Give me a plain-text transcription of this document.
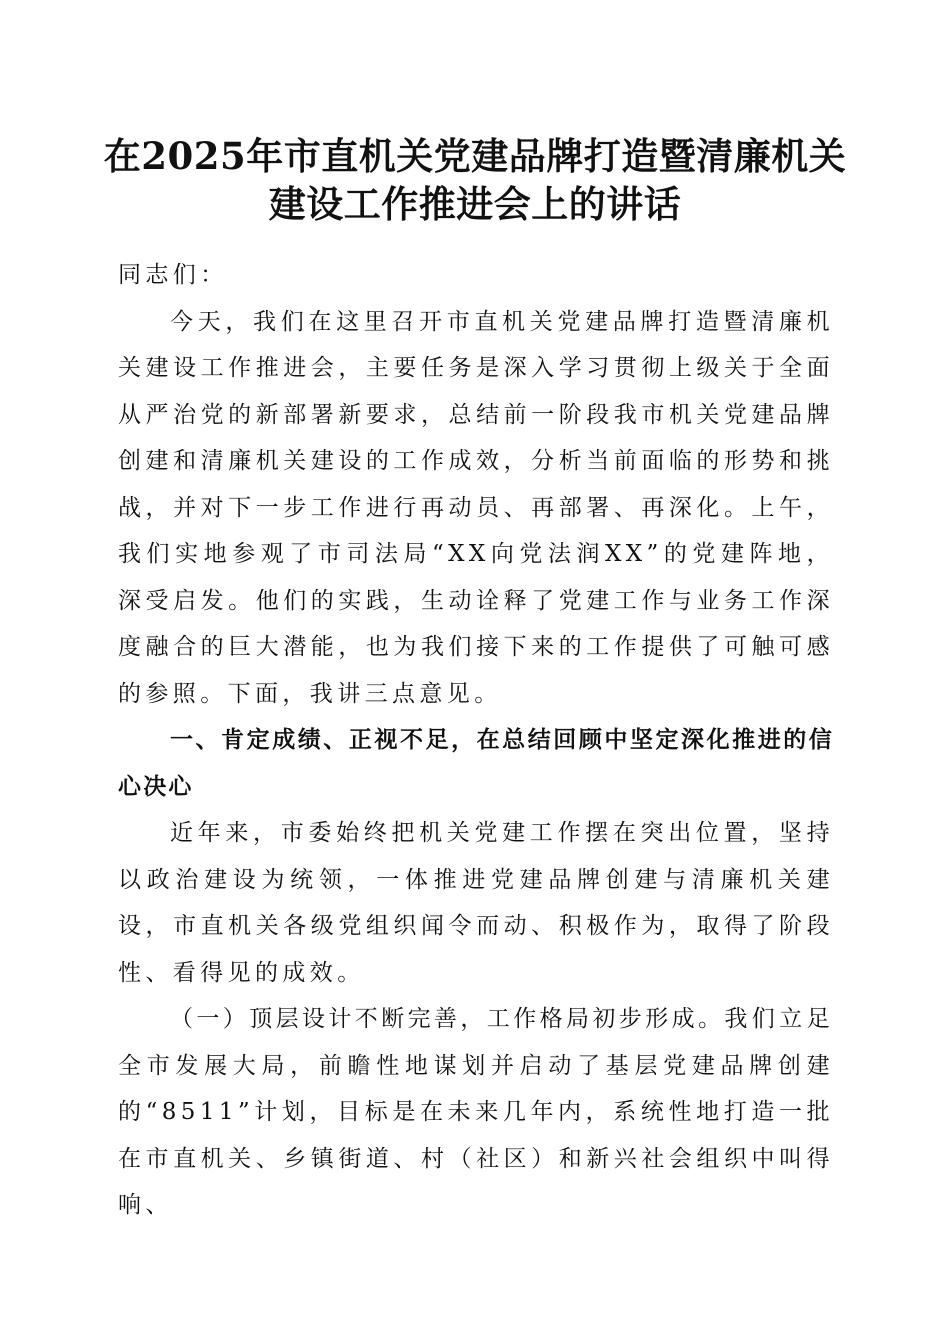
在2025年市直机关党建品牌打造暨清廉机关
建设工作推进会上的讲话

同志们：

今天，我们在这里召开市直机关党建品牌打造暨清廉机关建设工作推进会，主要任务是深入学习贯彻上级关于全面从严治党的新部署新要求，总结前一阶段我市机关党建品牌创建和清廉机关建设的工作成效，分析当前面临的形势和挑战，并对下一步工作进行再动员、再部署、再深化。上午，我们实地参观了市司法局“XX向党法润XX”的党建阵地，深受启发。他们的实践，生动诠释了党建工作与业务工作深度融合的巨大潜能，也为我们接下来的工作提供了可触可感的参照。下面，我讲三点意见。

一、肯定成绩、正视不足，在总结回顾中坚定深化推进的信心决心

近年来，市委始终把机关党建工作摆在突出位置，坚持以政治建设为统领，一体推进党建品牌创建与清廉机关建设，市直机关各级党组织闻令而动、积极作为，取得了阶段性、看得见的成效。

（一）顶层设计不断完善，工作格局初步形成。我们立足全市发展大局，前瞻性地谋划并启动了基层党建品牌创建的“8511”计划，目标是在未来几年内，系统性地打造一批在市直机关、乡镇街道、村（社区）和新兴社会组织中叫得响、
